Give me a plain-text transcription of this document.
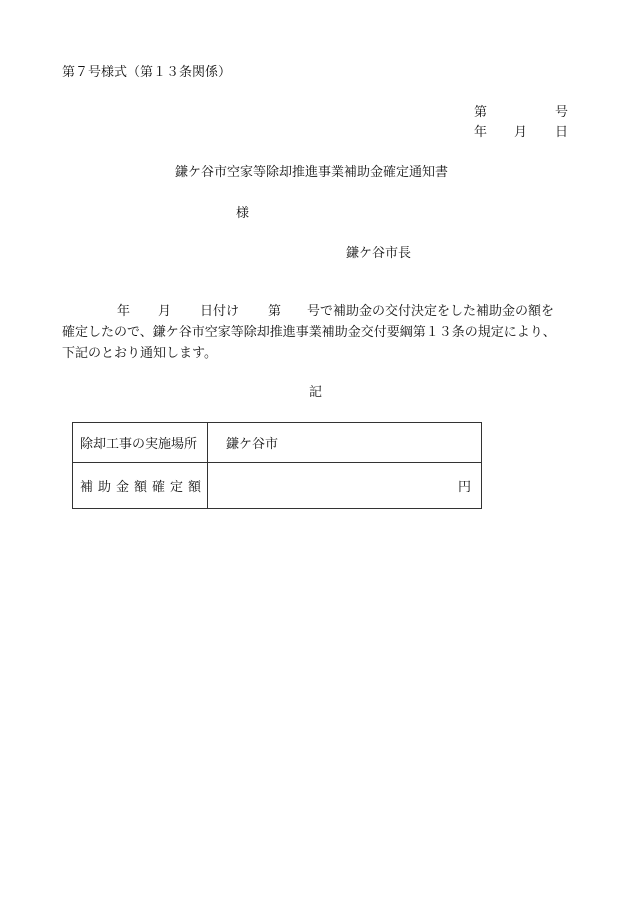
第７号様式（第１３条関係）
第	号
年 月 日
鎌ケ谷市空家等除却推進事業補助金確定通知書
様
鎌ケ谷市長
年 月 日付け 第 号で補助金の交付決定をした補助金の額を
確定したので、鎌ケ谷市空家等除却推進事業補助金交付要綱第１３条の規定により、
下記のとおり通知します。
記
除却工事の実施場所	鎌ケ谷市
補助金額確定額	円
